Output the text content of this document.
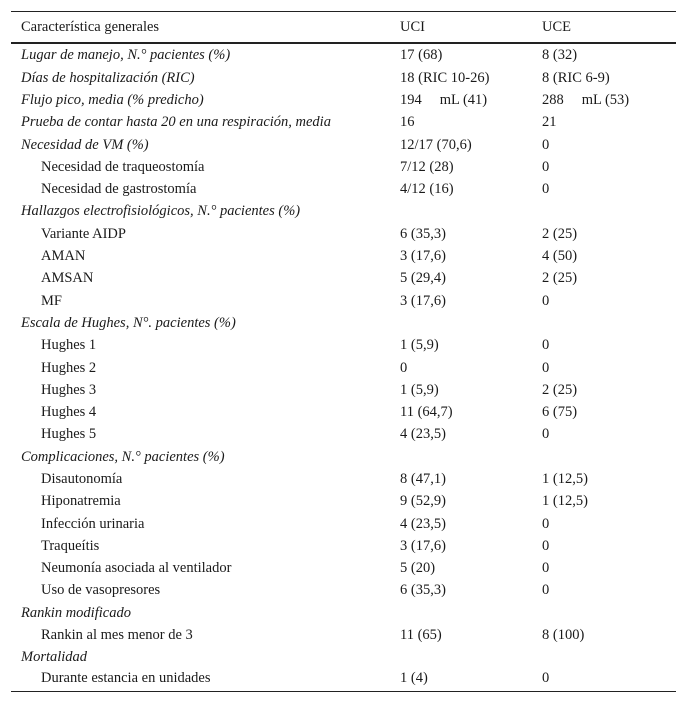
Característica generales	UCI	UCE
Lugar de manejo, N.° pacientes (%)	17 (68)	8 (32)
Días de hospitalización (RIC)	18 (RIC 10-26)	8 (RIC 6-9)
Flujo pico, media (% predicho)	194 mL (41)	288 mL (53)
Prueba de contar hasta 20 en una respiración, media	16	21
Necesidad de VM (%)	12/17 (70,6)	0
Necesidad de traqueostomía	7/12 (28)	0
Necesidad de gastrostomía	4/12 (16)	0
Hallazgos electrofisiológicos, N.° pacientes (%)		
Variante AIDP	6 (35,3)	2 (25)
AMAN	3 (17,6)	4 (50)
AMSAN	5 (29,4)	2 (25)
MF	3 (17,6)	0
Escala de Hughes, N°. pacientes (%)		
Hughes 1	1 (5,9)	0
Hughes 2	0	0
Hughes 3	1 (5,9)	2 (25)
Hughes 4	11 (64,7)	6 (75)
Hughes 5	4 (23,5)	0
Complicaciones, N.° pacientes (%)		
Disautonomía	8 (47,1)	1 (12,5)
Hiponatremia	9 (52,9)	1 (12,5)
Infección urinaria	4 (23,5)	0
Traqueítis	3 (17,6)	0
Neumonía asociada al ventilador	5 (20)	0
Uso de vasopresores	6 (35,3)	0
Rankin modificado		
Rankin al mes menor de 3	11 (65)	8 (100)
Mortalidad		
Durante estancia en unidades	1 (4)	0
